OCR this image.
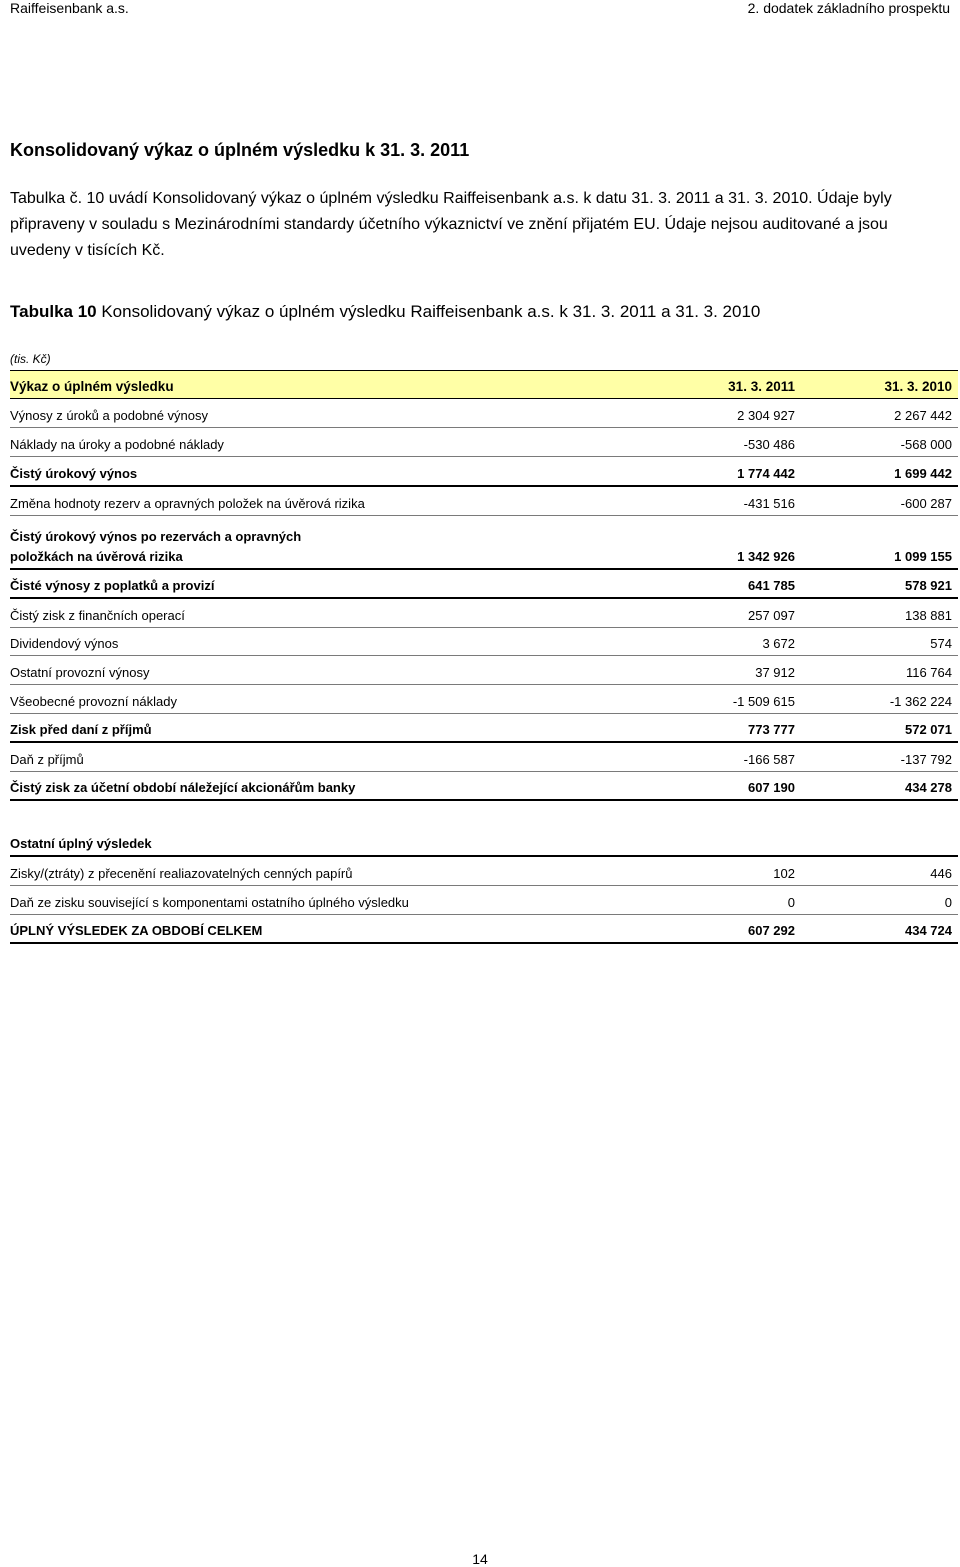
Raiffeisenbank a.s.	2. dodatek základního prospektu
Konsolidovaný výkaz o úplném výsledku k 31. 3. 2011

Tabulka č. 10 uvádí Konsolidovaný výkaz o úplném výsledku Raiffeisenbank a.s. k datu 31. 3. 2011 a 31. 3. 2010. Údaje byly připraveny v souladu s Mezinárodními standardy účetního výkaznictví ve znění přijatém EU. Údaje nejsou auditované a jsou uvedeny v tisících Kč.

Tabulka 10 Konsolidovaný výkaz o úplném výsledku Raiffeisenbank a.s. k 31. 3. 2011 a 31. 3. 2010

(tis. Kč)
Výkaz o úplném výsledku	31. 3. 2011	31. 3. 2010
Výnosy z úroků a podobné výnosy	2 304 927	2 267 442
Náklady na úroky a podobné náklady	-530 486	-568 000
Čistý úrokový výnos	1 774 442	1 699 442
Změna hodnoty rezerv a opravných položek na úvěrová rizika	-431 516	-600 287
Čistý úrokový výnos po rezervách a opravných
položkách na úvěrová rizika	1 342 926	1 099 155
Čisté výnosy z poplatků a provizí	641 785	578 921
Čistý zisk z finančních operací	257 097	138 881
Dividendový výnos	3 672	574
Ostatní provozní výnosy	37 912	116 764
Všeobecné provozní náklady	-1 509 615	-1 362 224
Zisk před daní z příjmů	773 777	572 071
Daň z příjmů	-166 587	-137 792
Čistý zisk za účetní období náležející akcionářům banky	607 190	434 278
Ostatní úplný výsledek
Zisky/(ztráty) z přecenění realiazovatelných cenných papírů	102	446
Daň ze zisku související s komponentami ostatního úplného výsledku	0	0
ÚPLNÝ VÝSLEDEK ZA OBDOBÍ CELKEM	607 292	434 724
14
